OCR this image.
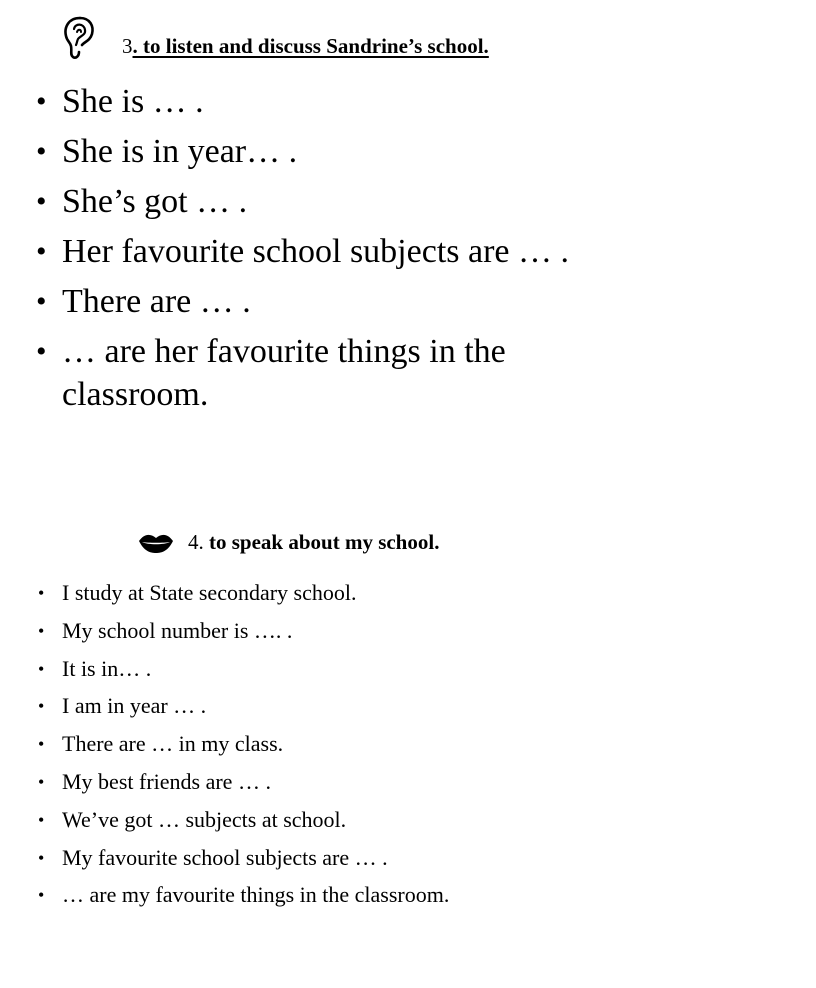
3. to listen and discuss Sandrine’s school.
• She is … .
• She is in year… .
• She’s got … .
• Her favourite school subjects are … .
• There are … .
• … are her favourite things in the classroom.
4. to speak about my school.
• I study at State secondary school.
• My school number is …. .
• It is in… .
• I am in year … .
• There are … in my class.
• My best friends are … .
• We’ve got … subjects at school.
• My favourite school subjects are … .
• … are my favourite things in the classroom.
